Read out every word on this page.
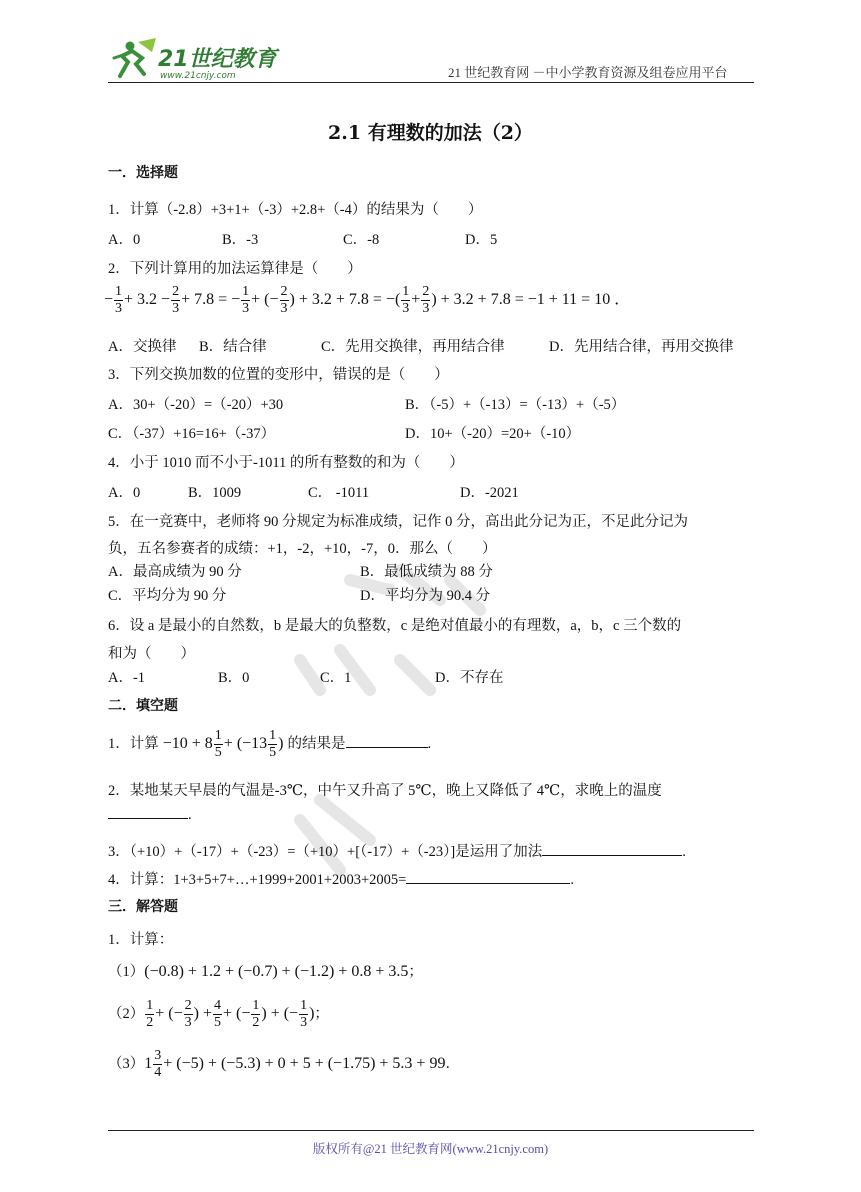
21世纪教育
www.21cnjy.com	21 世纪教育网 －中小学教育资源及组卷应用平台
2.1 有理数的加法（2）
一．选择题
1．计算（-2.8）+3+1+（-3）+2.8+（-4）的结果为（　　）
A．0	B．-3	C．-8	D．5
2．下列计算用的加法运算律是（　　）
− $\frac{1}{3} + 3.2 - \frac{2}{3} + 7.8$ = − $\frac{1}{3}$ + (− $\frac{2}{3}$ ) + 3.2 + 7.8 = −( $\frac{1}{3} + \frac{2}{3}$ ) + 3.2 + 7.8 = −1 + 11 = 10 ．
A．交换律 B．结合律	C．先用交换律，再用结合律	D．先用结合律，再用交换律
3．下列交换加数的位置的变形中，错误的是（　　）
A．30+（-20）=（-20）+30	B．（-5）+（-13）=（-13）+（-5）
C．（-37）+16=16+（-37）	D．10+（-20）=20+（-10）
4．小于 1010 而不小于-1011 的所有整数的和为（　　）
A．0	B．1009	C． -1011	D．-2021
5．在一竞赛中，老师将 90 分规定为标准成绩，记作 0 分，高出此分记为正，不足此分记为
负，五名参赛者的成绩：+1，-2，+10，-7，0．那么（　　）
A．最高成绩为 90 分	B．最低成绩为 88 分
C．平均分为 90 分	D．平均分为 90.4 分
6．设 a 是最小的自然数，b 是最大的负整数，c 是绝对值最小的有理数，a，b，c 三个数的
和为（　　）
A．-1	B．0	C．1	D．不存在
二．填空题
1．计算 $-10 + 8 \frac{1}{5} + (-13 \frac{1}{5}$ ) 的结果是	.
2．某地某天早晨的气温是-3℃，中午又升高了 5℃，晚上又降低了 4℃，求晚上的温度
.
3．（+10）+（-17）+（-23）=（+10）+[（-17）+（-23）]是运用了加法	.
4．计算：1+3+5+7+…+1999+2001+2003+2005=	.
三．解答题
1．计算：
（1）(−0.8) + 1.2 + (−0.7) + (−1.2) + 0.8 + 3.5；
$(2) \frac{1}{2}$ + (− $\frac{2}{3}$ ) + $\frac{4}{5}$ + (− $\frac{1}{2}$ ) + (− $\frac{1}{3}$ )；
$(3)1 \frac{3}{4} + (-5) + (-5.3) + 0 + 5 + (-1.75) + 5.3 + 99$．
版权所有@21 世纪教育网(www.21cnjy.com)
